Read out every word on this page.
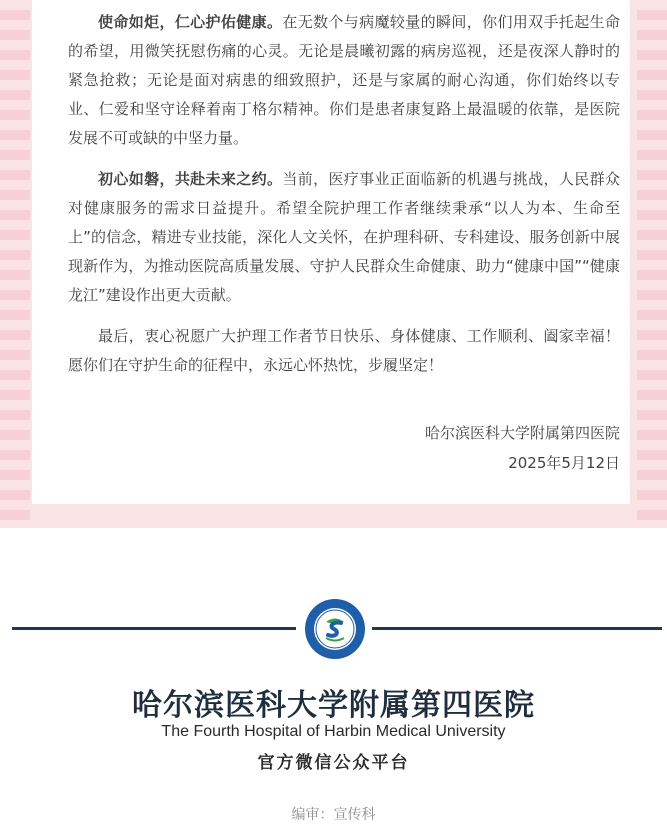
使命如炬，仁心护佑健康。在无数个与病魔较量的瞬间，你们用双手托起生命的希望，用微笑抚慰伤痛的心灵。无论是晨曦初露的病房巡视，还是夜深人静时的紧急抢救；无论是面对病患的细致照护，还是与家属的耐心沟通，你们始终以专业、仁爱和坚守诠释着南丁格尔精神。你们是患者康复路上最温暖的依靠，是医院发展不可或缺的中坚力量。

初心如磐，共赴未来之约。当前，医疗事业正面临新的机遇与挑战，人民群众对健康服务的需求日益提升。希望全院护理工作者继续秉承“以人为本、生命至上”的信念，精进专业技能，深化人文关怀，在护理科研、专科建设、服务创新中展现新作为，为推动医院高质量发展、守护人民群众生命健康、助力“健康中国”“健康龙江”建设作出更大贡献。

最后，衷心祝愿广大护理工作者节日快乐、身体健康、工作顺利、阖家幸福！愿你们在守护生命的征程中，永远心怀热忱，步履坚定！

哈尔滨医科大学附属第四医院
2025年5月12日
哈尔滨医科大学附属第四医院
The Fourth Hospital of Harbin Medical University
官方微信公众平台
编审：宣传科
